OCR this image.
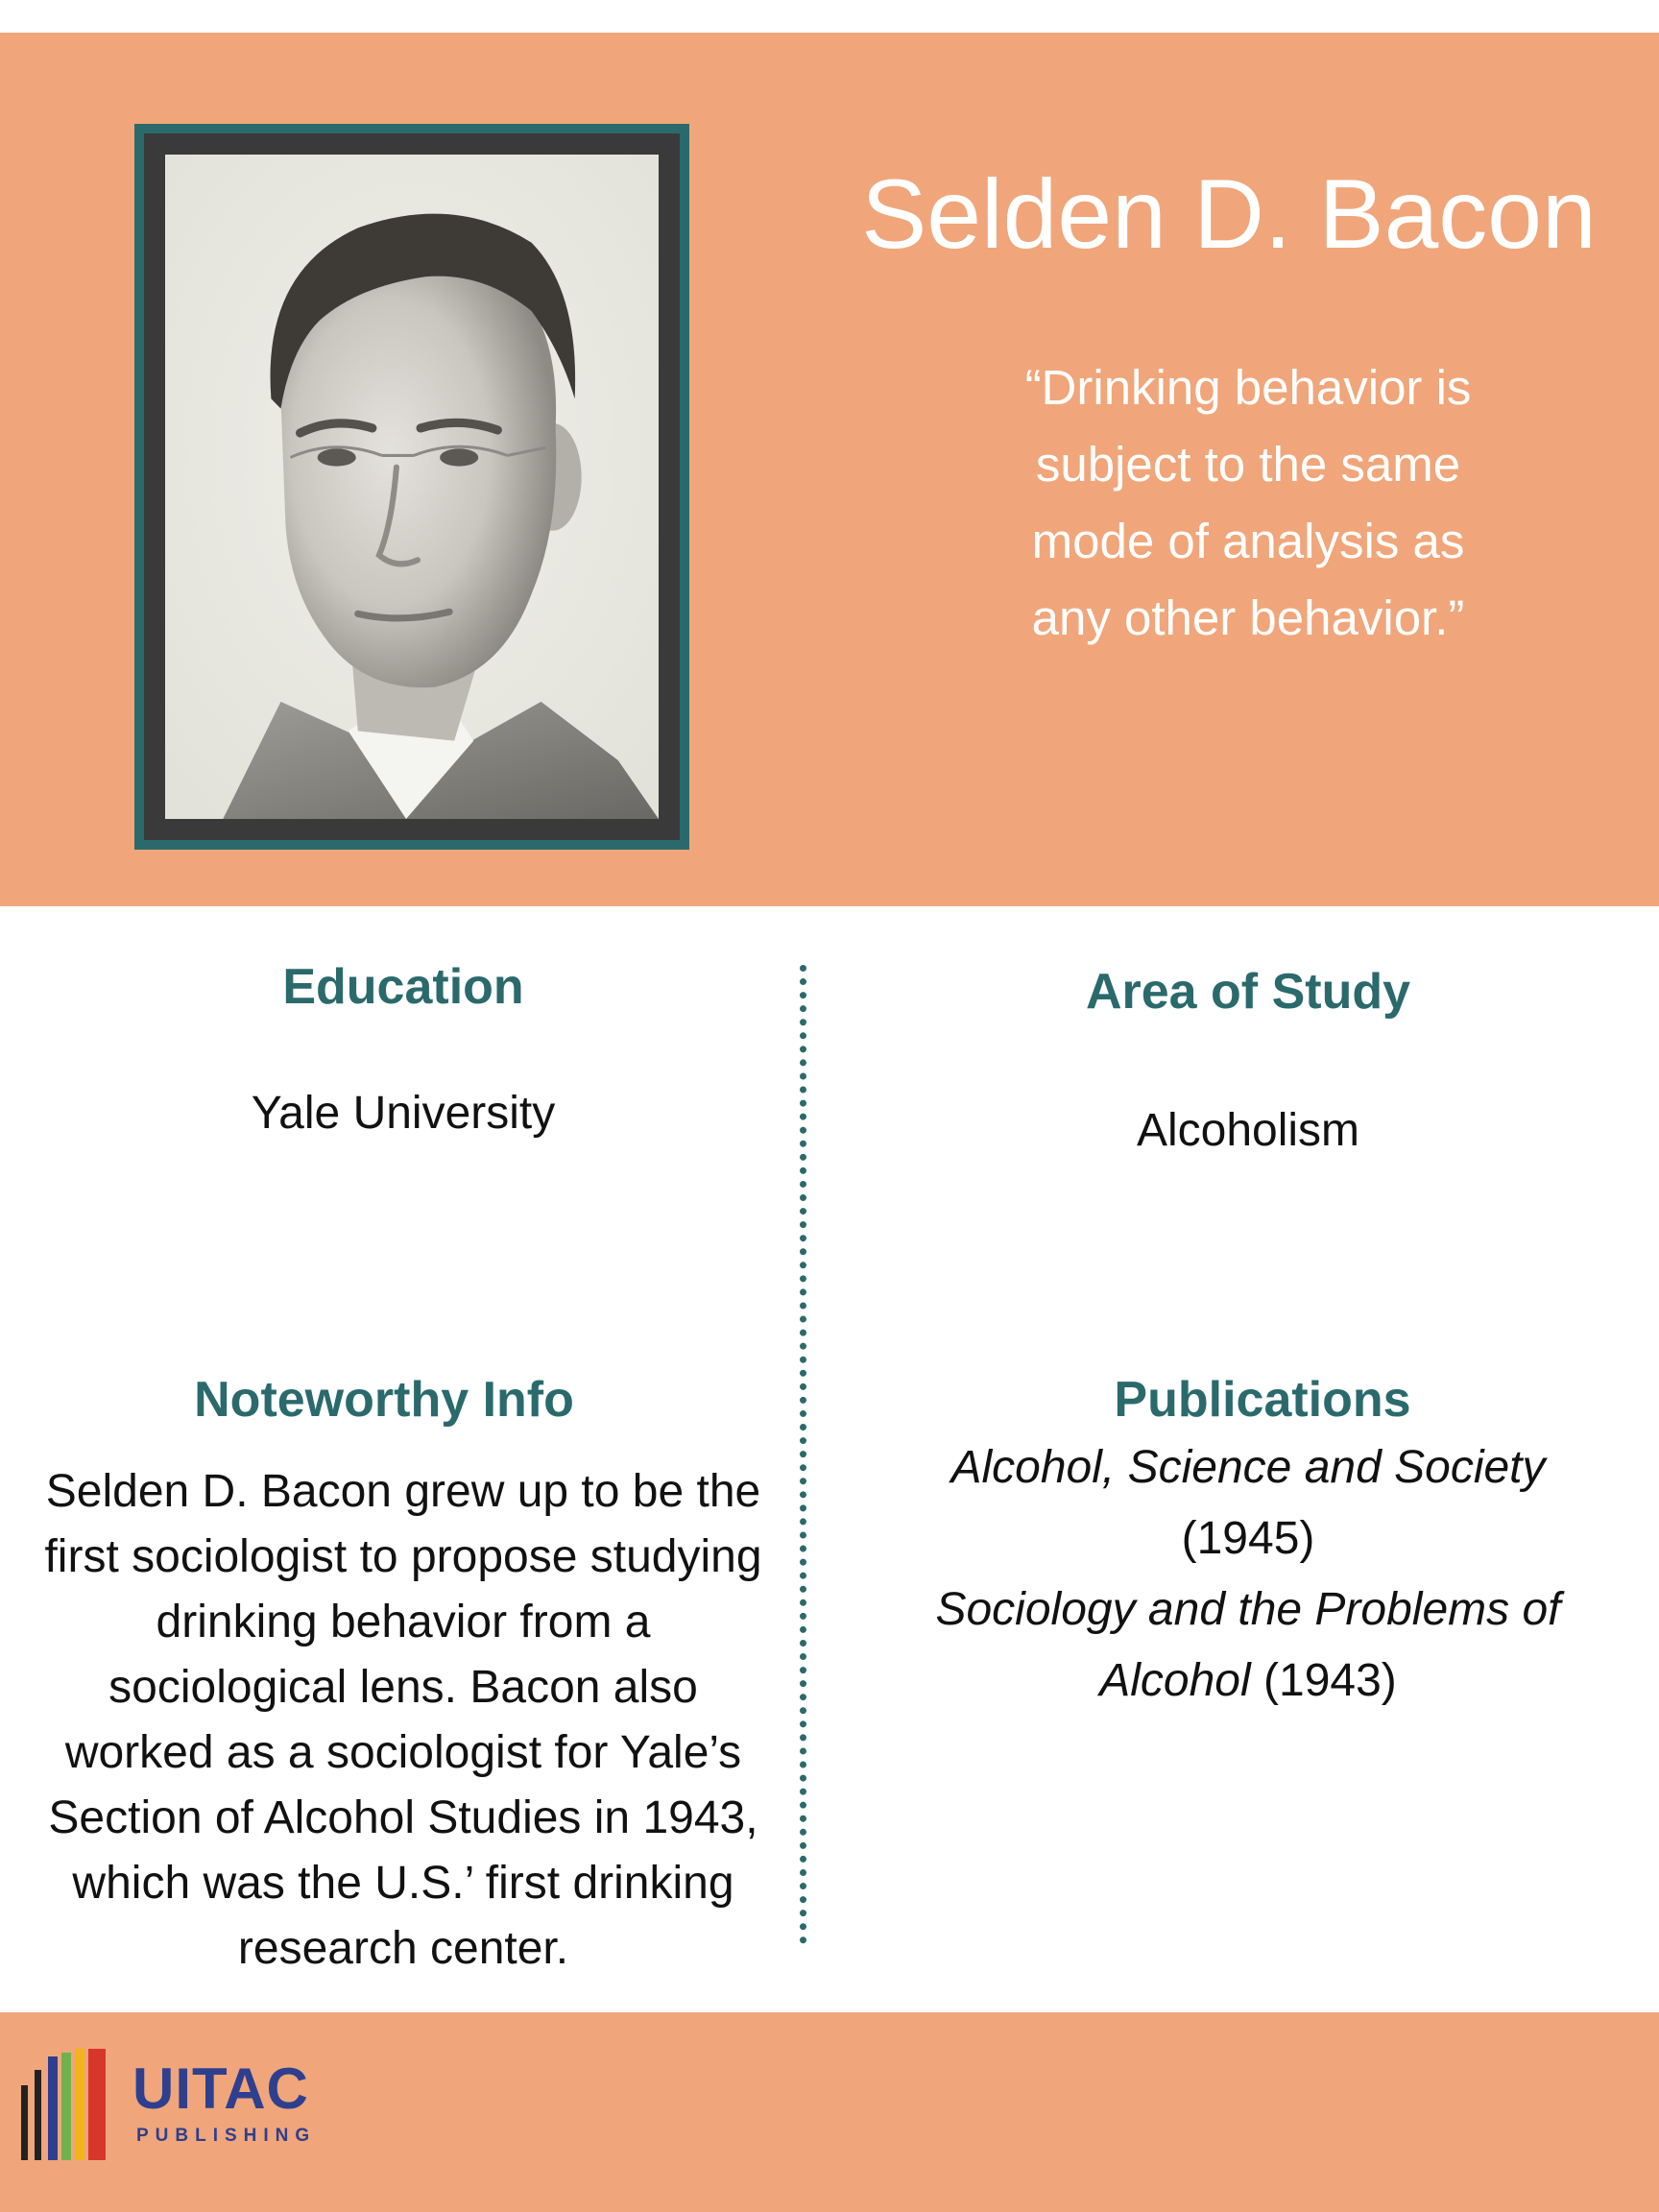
Selden D. Bacon
“Drinking behavior is
subject to the same
mode of analysis as
any other behavior.”
Education
Yale University
Area of Study
Alcoholism
Noteworthy Info
Selden D. Bacon grew up to be the
first sociologist to propose studying
drinking behavior from a
sociological lens. Bacon also
worked as a sociologist for Yale’s
Section of Alcohol Studies in 1943,
which was the U.S.’ first drinking
research center.
Publications
Alcohol, Science and Society
(1945)
Sociology and the Problems of
Alcohol (1943)
UITAC
PUBLISHING
